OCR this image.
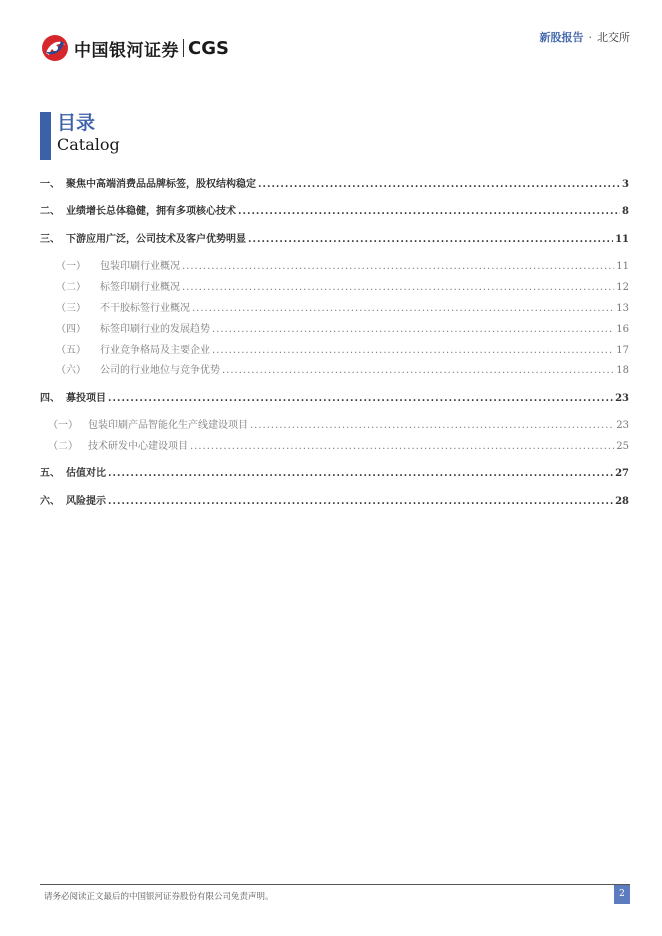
中国银河证券 CGS	新股报告 · 北交所
目录
Catalog
一、 聚焦中高端消费品品牌标签，股权结构稳定 .....	3
二、 业绩增长总体稳健，拥有多项核心技术 .....	8
三、 下游应用广泛，公司技术及客户优势明显 .....	11
（一）	包装印刷行业概况 .....	11
（二）	标签印刷行业概况 .....	12
（三）	不干胶标签行业概况 .....	13
（四）	标签印刷行业的发展趋势 .....	16
（五）	行业竞争格局及主要企业 .....	17
（六）	公司的行业地位与竞争优势 .....	18
四、 募投项目 .....	23
（一）	包装印刷产品智能化生产线建设项目 .....	23
（二）	技术研发中心建设项目 .....	25
五、 估值对比 .....	27
六、 风险提示 .....	28
请务必阅读正文最后的中国银河证券股份有限公司免责声明。	2
